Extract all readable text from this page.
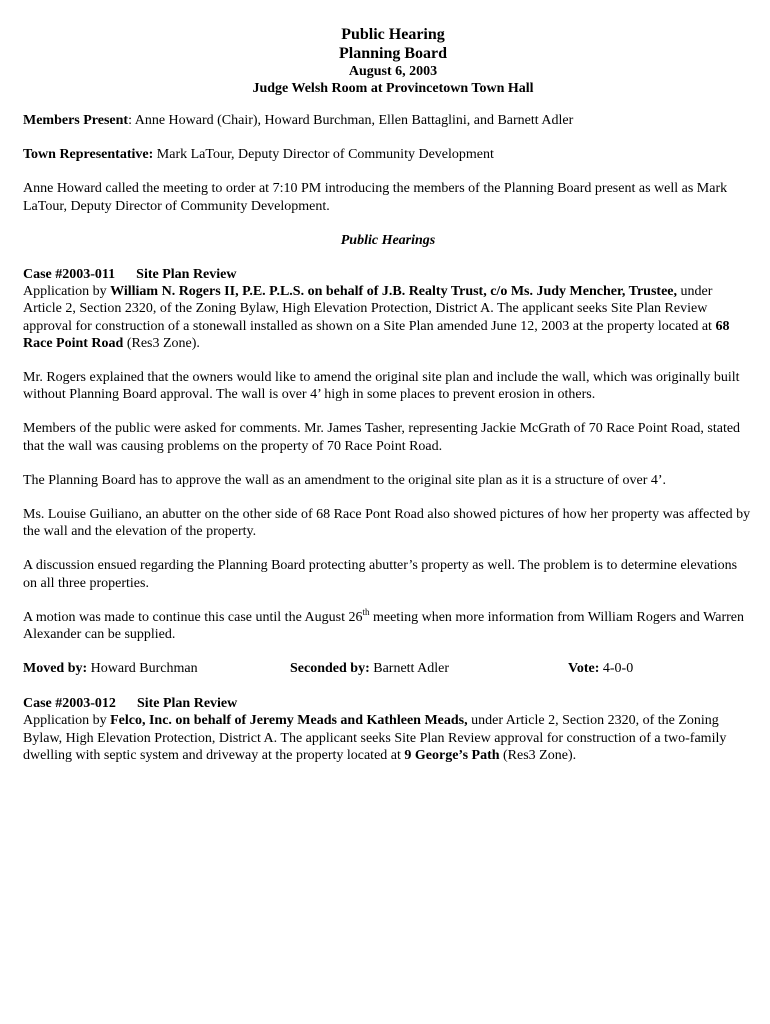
Public Hearing
Planning Board
August 6, 2003
Judge Welsh Room at Provincetown Town Hall

Members Present: Anne Howard (Chair), Howard Burchman, Ellen Battaglini, and Barnett Adler

Town Representative: Mark LaTour, Deputy Director of Community Development

Anne Howard called the meeting to order at 7:10 PM introducing the members of the Planning Board present as well as Mark LaTour, Deputy Director of Community Development.

Public Hearings

Case #2003-011 Site Plan Review
Application by William N. Rogers II, P.E. P.L.S. on behalf of J.B. Realty Trust, c/o Ms. Judy Mencher, Trustee, under Article 2, Section 2320, of the Zoning Bylaw, High Elevation Protection, District A. The applicant seeks Site Plan Review approval for construction of a stonewall installed as shown on a Site Plan amended June 12, 2003 at the property located at 68 Race Point Road (Res3 Zone).

Mr. Rogers explained that the owners would like to amend the original site plan and include the wall, which was originally built without Planning Board approval. The wall is over 4’ high in some places to prevent erosion in others.

Members of the public were asked for comments. Mr. James Tasher, representing Jackie McGrath of 70 Race Point Road, stated that the wall was causing problems on the property of 70 Race Point Road.

The Planning Board has to approve the wall as an amendment to the original site plan as it is a structure of over 4’.

Ms. Louise Guiliano, an abutter on the other side of 68 Race Pont Road also showed pictures of how her property was affected by the wall and the elevation of the property.

A discussion ensued regarding the Planning Board protecting abutter’s property as well. The problem is to determine elevations on all three properties.

A motion was made to continue this case until the August 26th meeting when more information from William Rogers and Warren Alexander can be supplied.

Moved by: Howard Burchman	Seconded by: Barnett Adler	Vote: 4-0-0

Case #2003-012 Site Plan Review
Application by Felco, Inc. on behalf of Jeremy Meads and Kathleen Meads, under Article 2, Section 2320, of the Zoning Bylaw, High Elevation Protection, District A. The applicant seeks Site Plan Review approval for construction of a two-family dwelling with septic system and driveway at the property located at 9 George’s Path (Res3 Zone).
